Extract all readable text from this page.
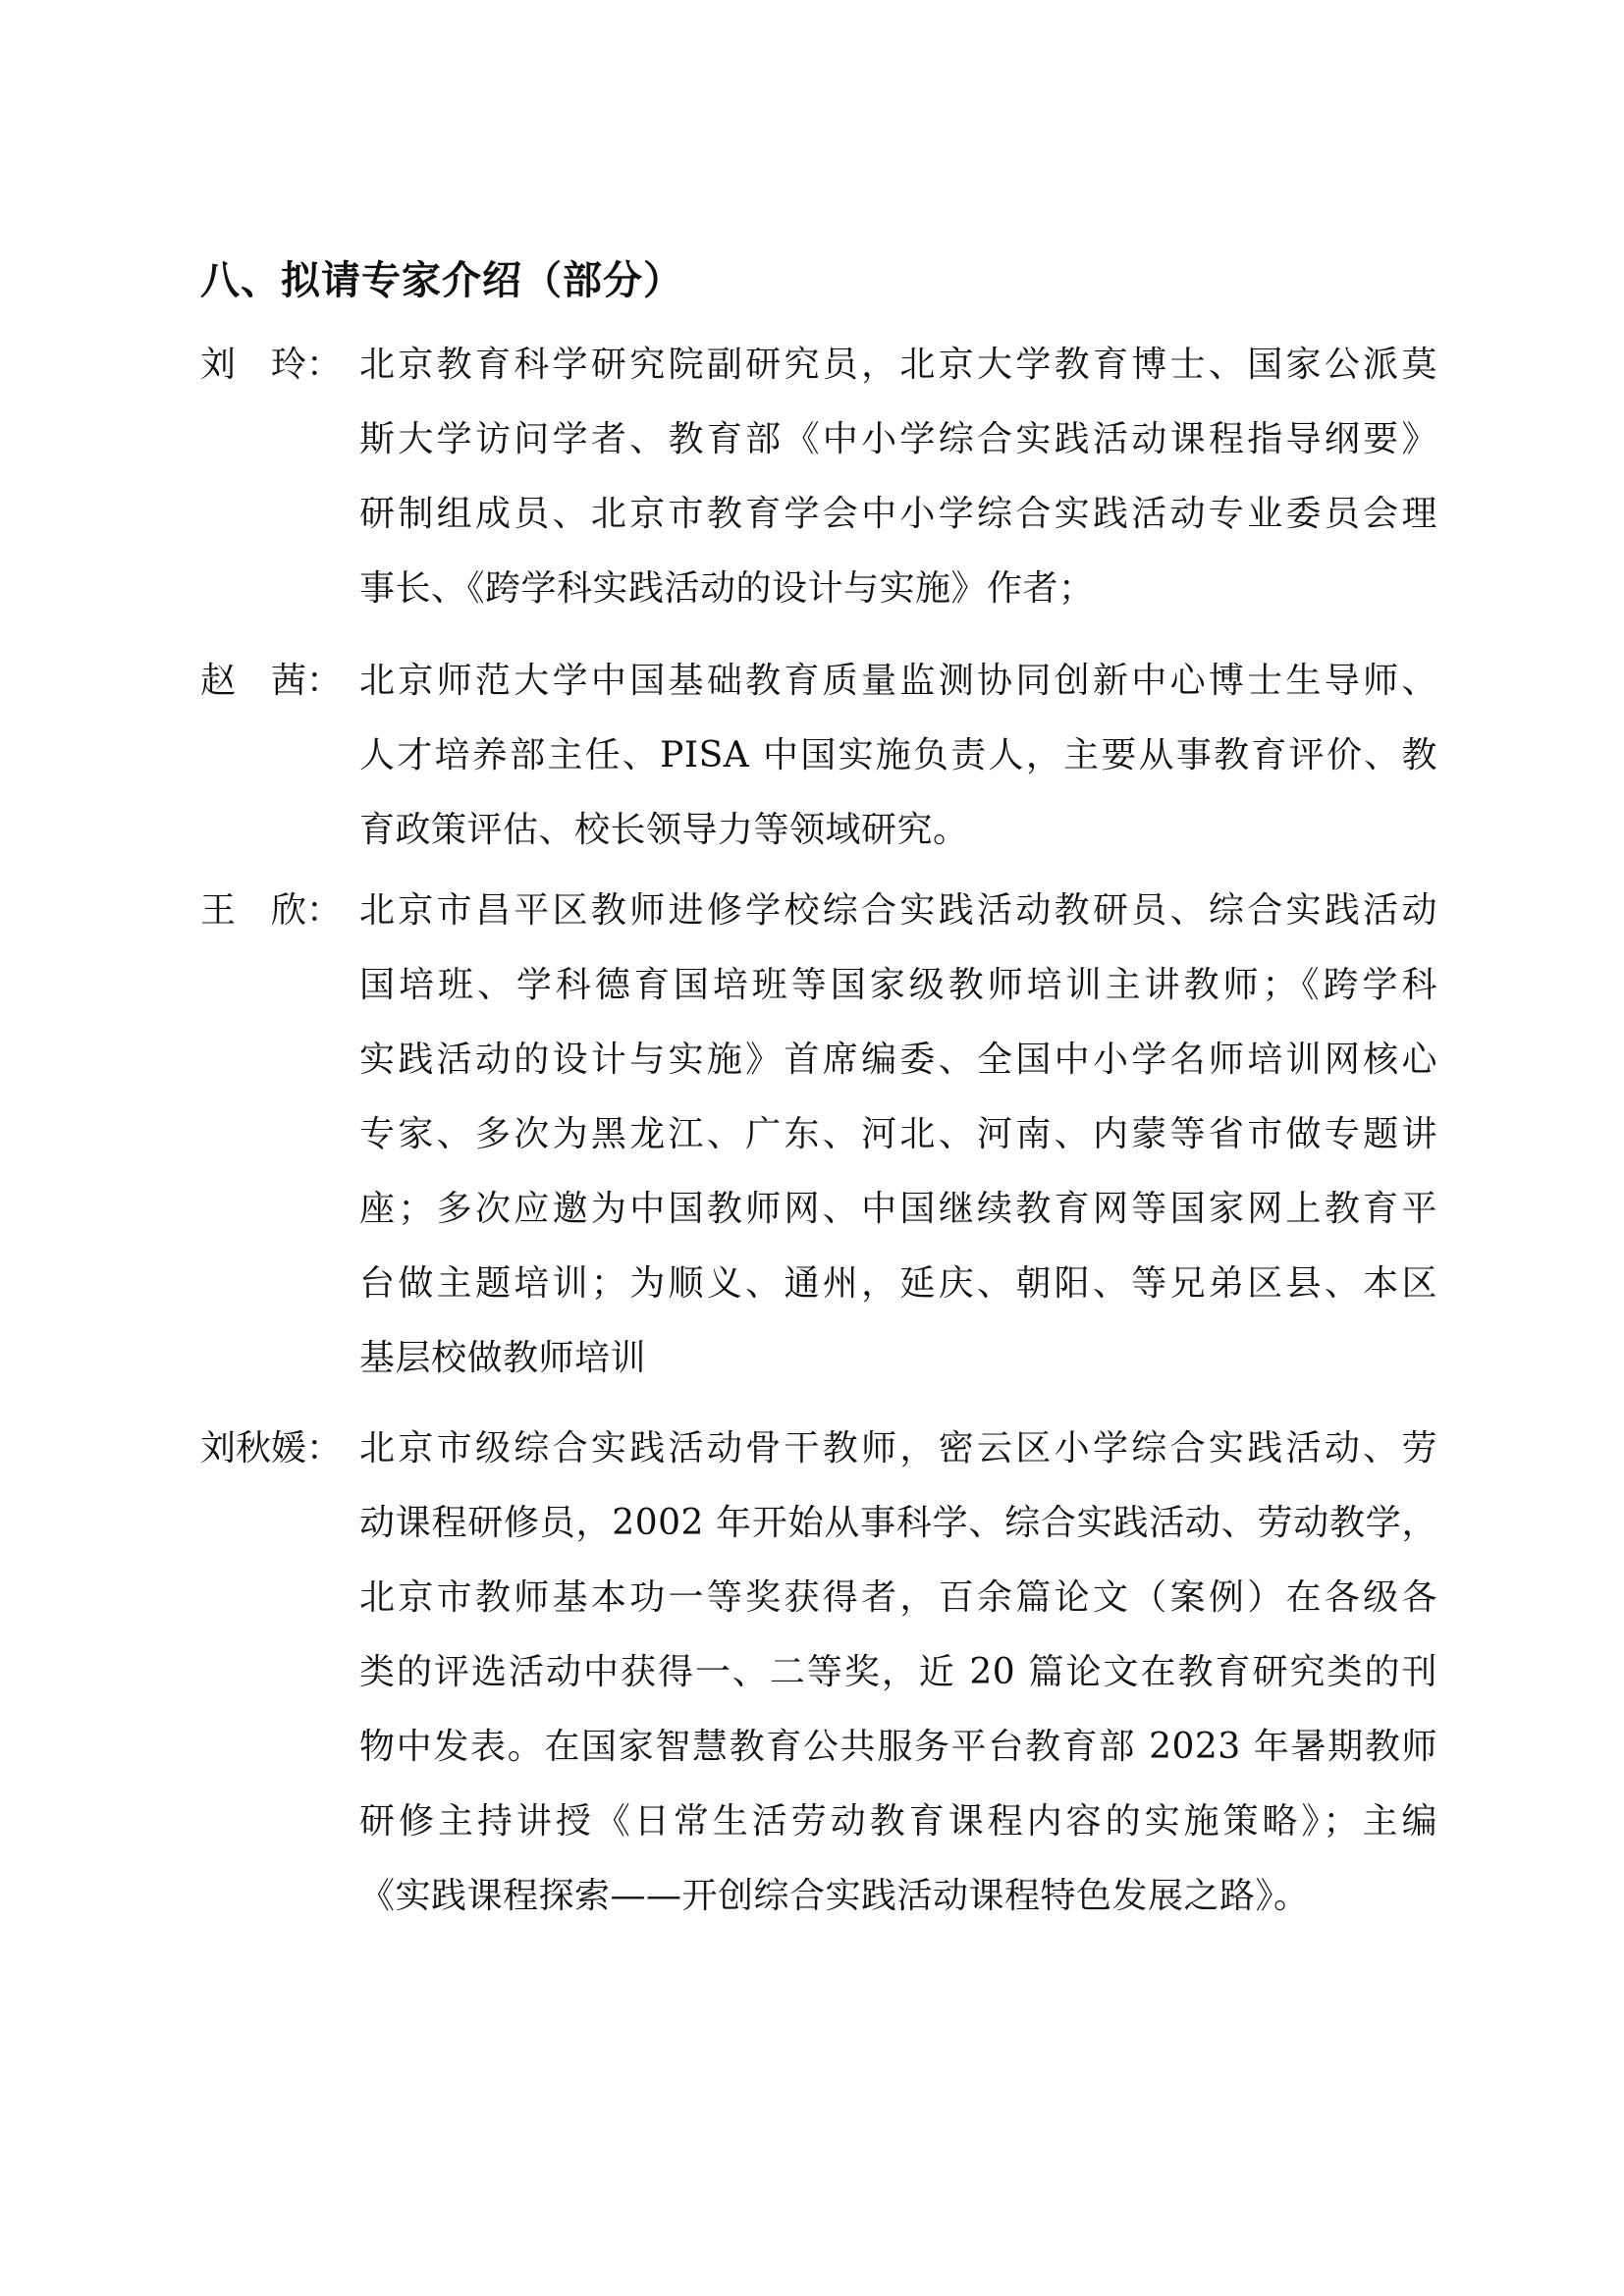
八、拟请专家介绍（部分）
刘　玲： 北京教育科学研究院副研究员，北京大学教育博士、国家公派莫
斯大学访问学者、教育部《中小学综合实践活动课程指导纲要》
研制组成员、北京市教育学会中小学综合实践活动专业委员会理
事长、《跨学科实践活动的设计与实施》作者；
赵　茜： 北京师范大学中国基础教育质量监测协同创新中心博士生导师、
人才培养部主任、PISA 中国实施负责人，主要从事教育评价、教
育政策评估、校长领导力等领域研究。
王　欣： 北京市昌平区教师进修学校综合实践活动教研员、综合实践活动
国培班、学科德育国培班等国家级教师培训主讲教师；《跨学科
实践活动的设计与实施》首席编委、全国中小学名师培训网核心
专家、多次为黑龙江、广东、河北、河南、内蒙等省市做专题讲
座；多次应邀为中国教师网、中国继续教育网等国家网上教育平
台做主题培训；为顺义、通州，延庆、朝阳、等兄弟区县、本区
基层校做教师培训
刘秋媛： 北京市级综合实践活动骨干教师，密云区小学综合实践活动、劳
动课程研修员，2002 年开始从事科学、综合实践活动、劳动教学，
北京市教师基本功一等奖获得者，百余篇论文（案例）在各级各
类的评选活动中获得一、二等奖，近 20 篇论文在教育研究类的刊
物中发表。在国家智慧教育公共服务平台教育部 2023 年暑期教师
研修主持讲授《日常生活劳动教育课程内容的实施策略》；主编
《实践课程探索——开创综合实践活动课程特色发展之路》。
